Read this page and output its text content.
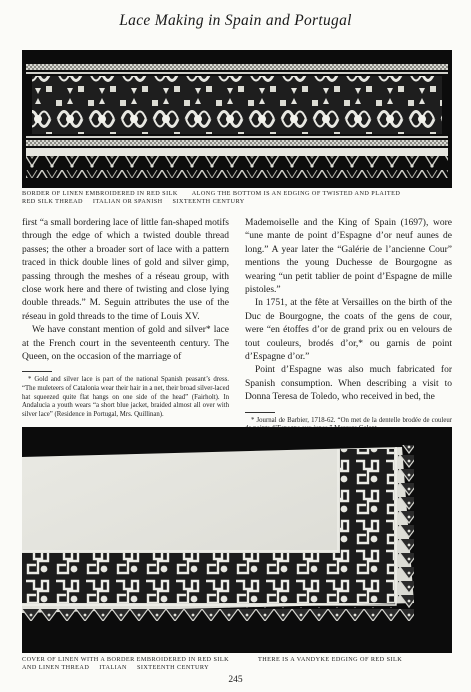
Lace Making in Spain and Portugal
BORDER OF LINEN EMBROIDERED IN RED SILK ALONG THE BOTTOM IS AN EDGING OF TWISTED AND PLAITED
RED SILK THREAD     ITALIAN OR SPANISH     SIXTEENTH CENTURY

first “a small bordering lace of little fan-shaped motifs through the edge of which a twisted double thread passes; the other a broader sort of lace with a pattern traced in thick double lines of gold and silver gimp, passing through the meshes of a réseau group, with close work here and there of twisting and close lying double threads.” M. Seguin attributes the use of the réseau in gold threads to the time of Louis XV.

We have constant mention of gold and silver* lace at the French court in the seventeenth century. The Queen, on the occasion of the marriage of

* Gold and silver lace is part of the national Spanish peasant’s dress. “The muleteers of Catalonia wear their hair in a net, their broad silver-laced hat squeezed quite flat hangs on one side of the head” (Fairholt). In Andalucia a youth wears “a short blue jacket, braided almost all over with silver lace” (Residence in Portugal, Mrs. Quillinan).

Mademoiselle and the King of Spain (1697), wore “une mante de point d’Espagne d’or neuf aunes de long.” A year later the “Galérie de l’ancienne Cour” mentions the young Duchesse de Bourgogne as wearing “un petit tablier de point d’Espagne de mille pistoles.”

In 1751, at the fête at Versailles on the birth of the Duc de Bourgogne, the coats of the gens de cour, were “en étoffes d’or de grand prix ou en velours de tout couleurs, brodés d’or,* ou garnis de point d’Espagne d’or.”

Point d’Espagne was also much fabricated for Spanish consumption. When describing a visit to Donna Teresa de Toledo, who received in bed, the

* Journal de Barbier, 1718-62. “On met de la dentelle brodée de couleur
COVER OF LINEN WITH A BORDER EMBROIDERED IN RED SILK	THERE IS A VANDYKE EDGING OF RED SILK
AND LINEN THREAD     ITALIAN     SIXTEENTH CENTURY
245
